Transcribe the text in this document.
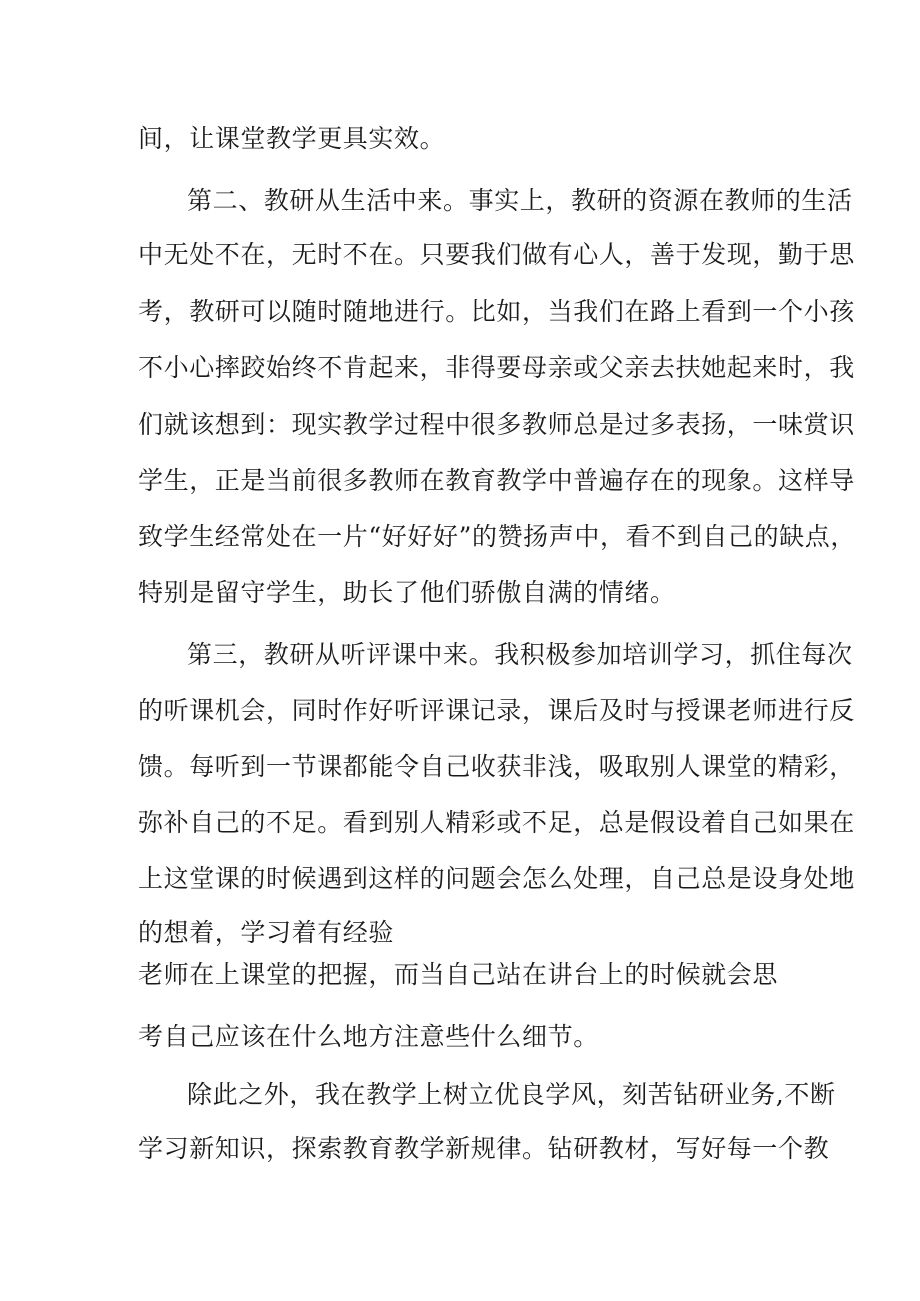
间，让课堂教学更具实效。
第二、教研从生活中来。事实上，教研的资源在教师的生活
中无处不在，无时不在。只要我们做有心人，善于发现，勤于思
考，教研可以随时随地进行。比如，当我们在路上看到一个小孩
不小心摔跤始终不肯起来，非得要母亲或父亲去扶她起来时，我
们就该想到：现实教学过程中很多教师总是过多表扬，一味赏识
学生，正是当前很多教师在教育教学中普遍存在的现象。这样导
致学生经常处在一片“好好好”的赞扬声中，看不到自己的缺点，
特别是留守学生，助长了他们骄傲自满的情绪。
第三，教研从听评课中来。我积极参加培训学习，抓住每次
的听课机会，同时作好听评课记录，课后及时与授课老师进行反
馈。每听到一节课都能令自己收获非浅，吸取别人课堂的精彩，
弥补自己的不足。看到别人精彩或不足，总是假设着自己如果在
上这堂课的时候遇到这样的问题会怎么处理，自己总是设身处地
的想着，学习着有经验
老师在上课堂的把握，而当自己站在讲台上的时候就会思
考自己应该在什么地方注意些什么细节。
除此之外，我在教学上树立优良学风，刻苦钻研业务,不断
学习新知识，探索教育教学新规律。钻研教材，写好每一个教
